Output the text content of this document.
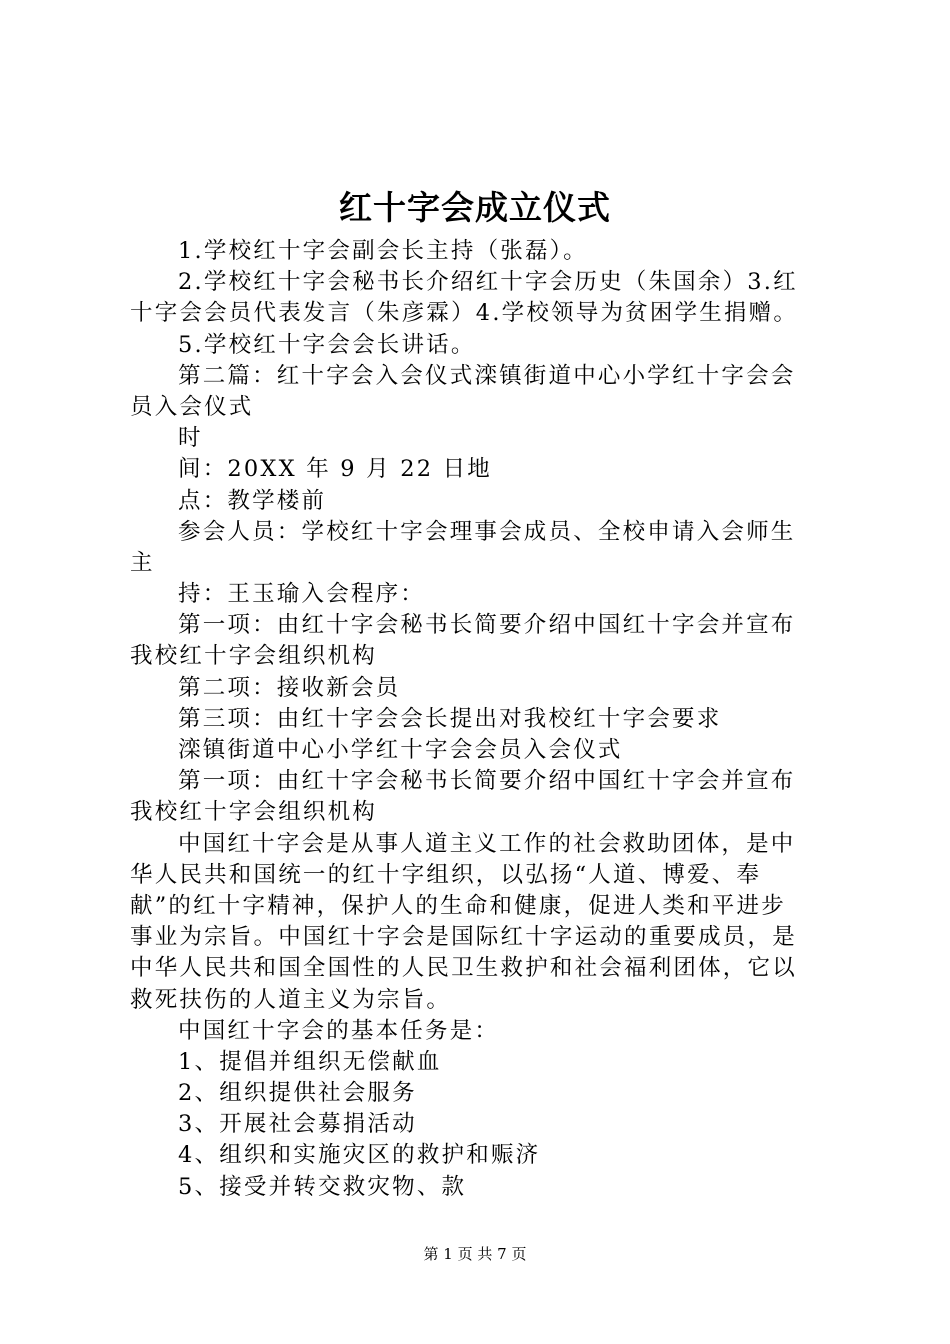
红十字会成立仪式
1.学校红十字会副会长主持（张磊）。
2.学校红十字会秘书长介绍红十字会历史（朱国余）3.红
十字会会员代表发言（朱彦霖）4.学校领导为贫困学生捐赠。
5.学校红十字会会长讲话。
第二篇：红十字会入会仪式滦镇街道中心小学红十字会会
员入会仪式
时
间：20XX 年 9 月 22 日地
点：教学楼前
参会人员：学校红十字会理事会成员、全校申请入会师生
主
持：王玉瑜入会程序：
第一项：由红十字会秘书长简要介绍中国红十字会并宣布
我校红十字会组织机构
第二项：接收新会员
第三项：由红十字会会长提出对我校红十字会要求
滦镇街道中心小学红十字会会员入会仪式
第一项：由红十字会秘书长简要介绍中国红十字会并宣布
我校红十字会组织机构
中国红十字会是从事人道主义工作的社会救助团体，是中
华人民共和国统一的红十字组织，以弘扬“人道、博爱、奉
献”的红十字精神，保护人的生命和健康，促进人类和平进步
事业为宗旨。中国红十字会是国际红十字运动的重要成员，是
中华人民共和国全国性的人民卫生救护和社会福利团体，它以
救死扶伤的人道主义为宗旨。
中国红十字会的基本任务是：
1、提倡并组织无偿献血
2、组织提供社会服务
3、开展社会募捐活动
4、组织和实施灾区的救护和赈济
5、接受并转交救灾物、款
第 1 页 共 7 页
